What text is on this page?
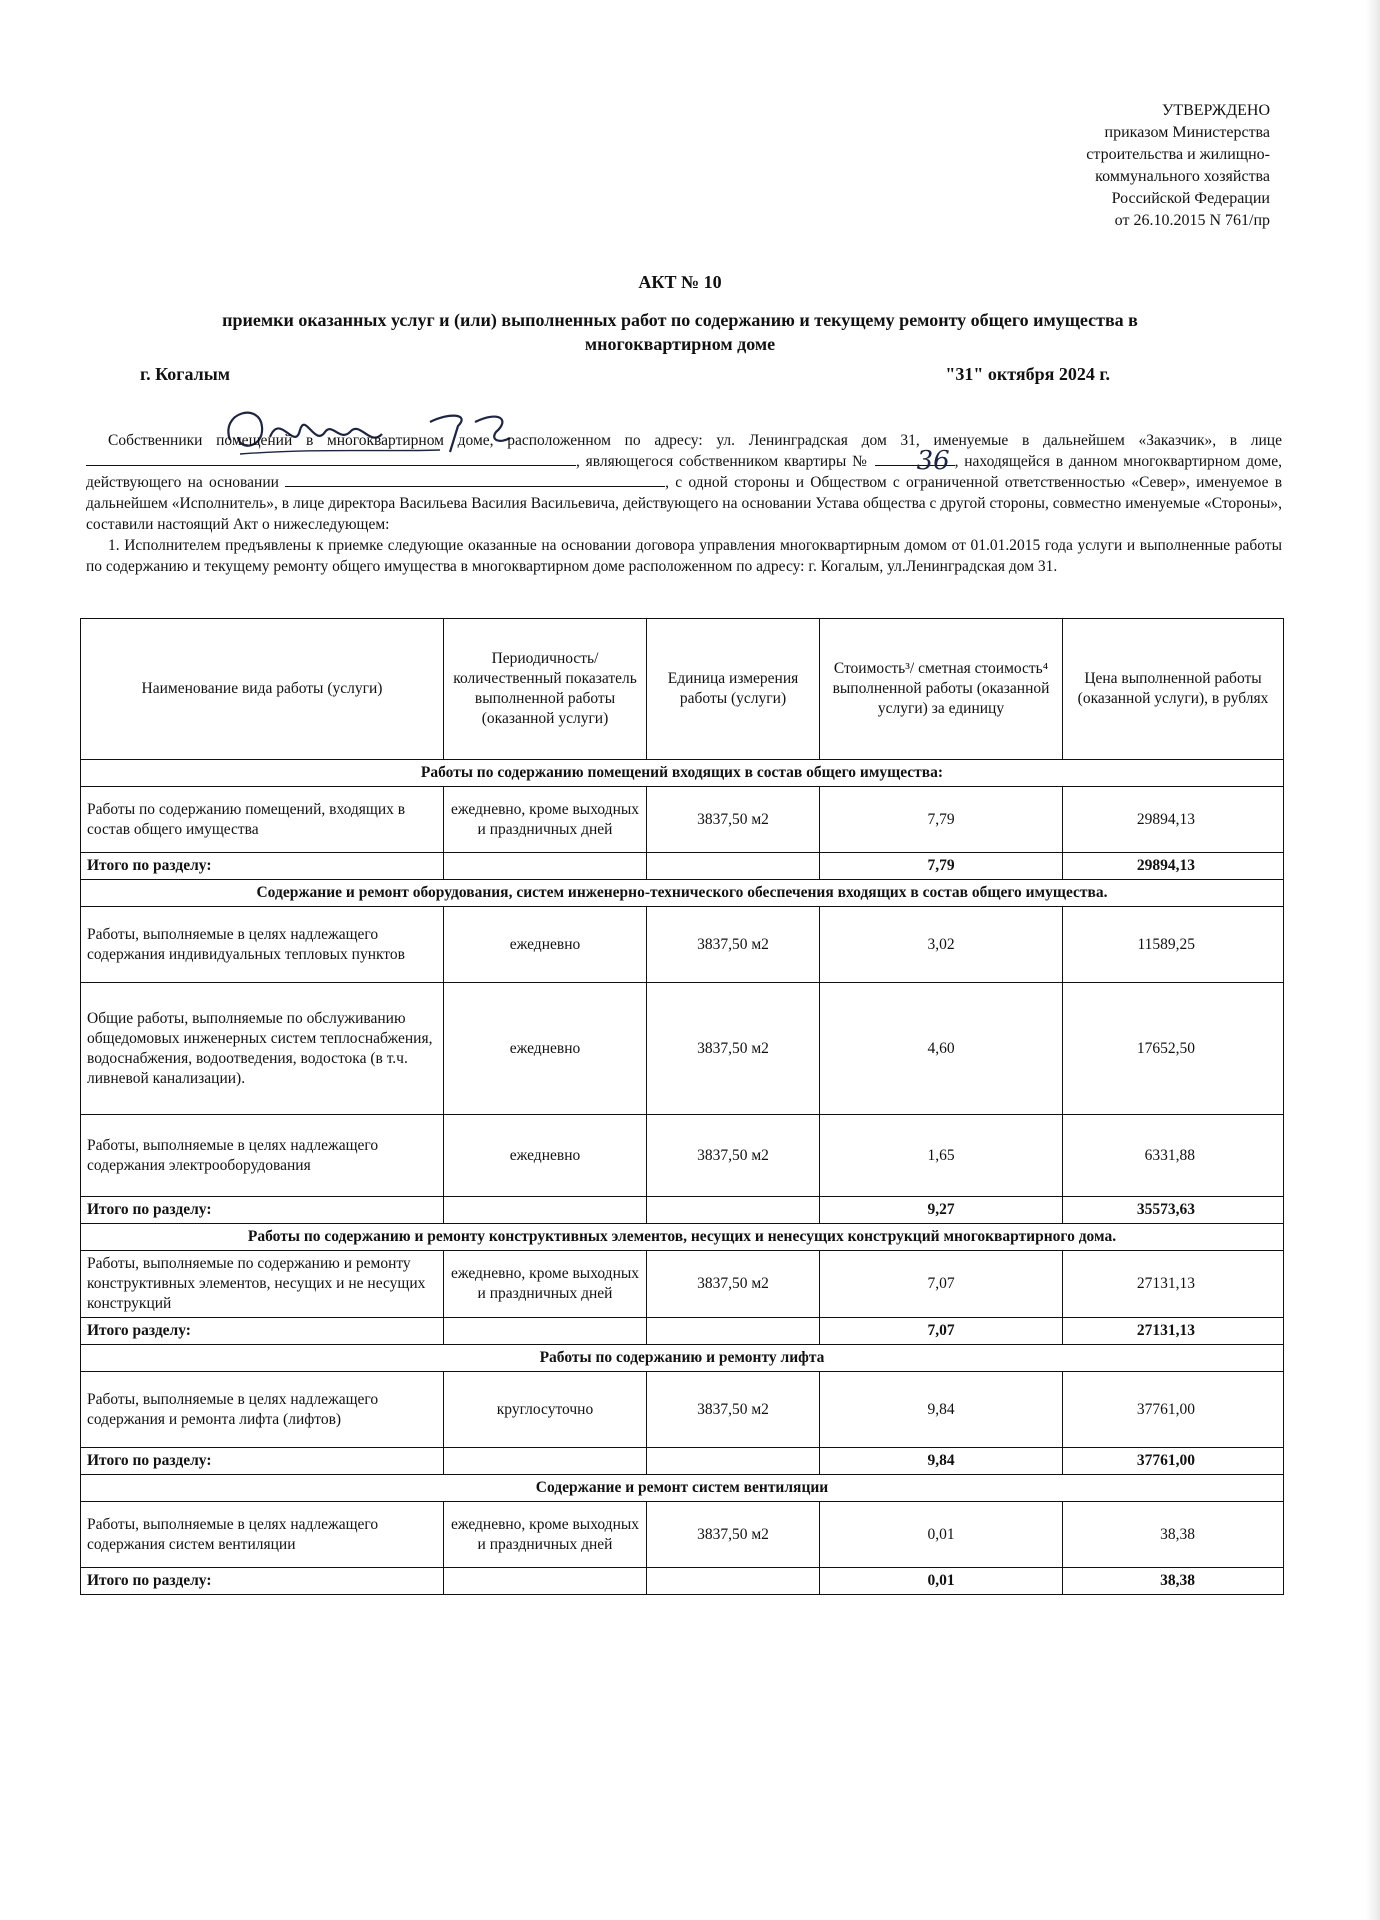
УТВЕРЖДЕНО
приказом Министерства
строительства и жилищно-
коммунального хозяйства
Российской Федерации
от 26.10.2015 N 761/пр
АКТ № 10
приемки оказанных услуг и (или) выполненных работ по содержанию и текущему ремонту общего имущества в многоквартирном доме
г. Когалым	"31" октября 2024 г.

Собственники помещений в многоквартирном доме, расположенном по адресу: ул. Ленинградская дом 31, именуемые в дальнейшем «Заказчик», в лице , являющегося собственником квартиры №	36 , находящейся в данном многоквартирном доме, действующего на основании	, с одной стороны и Обществом с ограниченной ответственностью «Север», именуемое в дальнейшем «Исполнитель», в лице директора Васильева Василия Васильевича, действующего на основании Устава общества с другой стороны, совместно именуемые «Стороны», составили настоящий Акт о нижеследующем:

1. Исполнителем предъявлены к приемке следующие оказанные на основании договора управления многоквартирным домом от 01.01.2015 года услуги и выполненные работы по содержанию и текущему ремонту общего имущества в многоквартирном доме расположенном по адресу: г. Когалым, ул.Ленинградская дом 31.

Наименование вида работы (услуги)	Периодичность/ количественный показатель выполненной работы (оказанной услуги)	Единица измерения работы (услуги)	Стоимость³/ сметная стоимость⁴ выполненной работы (оказанной услуги) за единицу	Цена выполненной работы (оказанной услуги), в рублях
Работы по содержанию помещений входящих в состав общего имущества:				
Работы по содержанию помещений, входящих в состав общего имущества	ежедневно, кроме выходных и праздничных дней	3837,50 м2	7,79	29894,13
Итого по разделу:			7,79	29894,13
Содержание и ремонт оборудования, систем инженерно-технического обеспечения входящих в состав общего имущества.				
Работы, выполняемые в целях надлежащего содержания индивидуальных тепловых пунктов	ежедневно	3837,50 м2	3,02	11589,25
Общие работы, выполняемые по обслуживанию общедомовых инженерных систем теплоснабжения, водоснабжения, водоотведения, водостока (в т.ч. ливневой канализации).	ежедневно	3837,50 м2	4,60	17652,50
Работы, выполняемые в целях надлежащего содержания электрооборудования	ежедневно	3837,50 м2	1,65	6331,88
Итого по разделу:			9,27	35573,63
Работы по содержанию и ремонту конструктивных элементов, несущих и ненесущих конструкций многоквартирного дома.				
Работы, выполняемые по содержанию и ремонту конструктивных элементов, несущих и не несущих конструкций	ежедневно, кроме выходных и праздничных дней	3837,50 м2	7,07	27131,13
Итого разделу:			7,07	27131,13
Работы по содержанию и ремонту лифта				
Работы, выполняемые в целях надлежащего содержания и ремонта лифта (лифтов)	круглосуточно	3837,50 м2	9,84	37761,00
Итого по разделу:			9,84	37761,00
Содержание и ремонт систем вентиляции				
Работы, выполняемые в целях надлежащего содержания систем вентиляции	ежедневно, кроме выходных и праздничных дней	3837,50 м2	0,01	38,38
Итого по разделу:			0,01	38,38
